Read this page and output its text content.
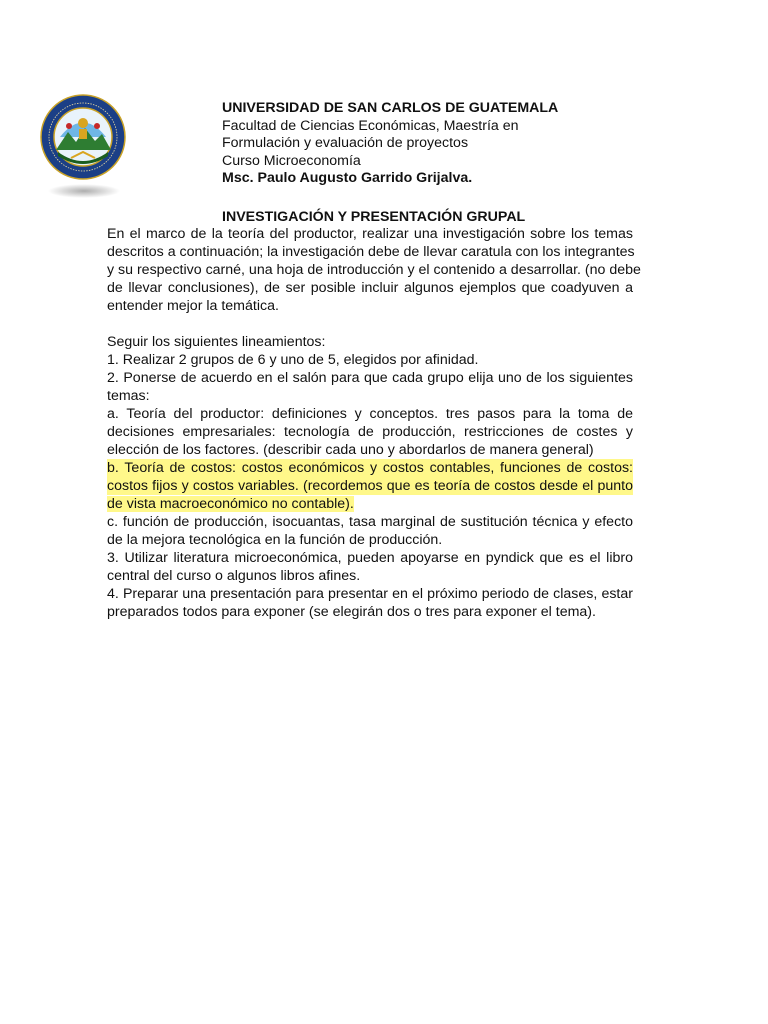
UNIVERSIDAD DE SAN CARLOS DE GUATEMALA
Facultad de Ciencias Económicas, Maestría en
Formulación y evaluación de proyectos
Curso Microeconomía
Msc. Paulo Augusto Garrido Grijalva.
INVESTIGACIÓN Y PRESENTACIÓN GRUPAL
En el marco de la teoría del productor, realizar una investigación sobre los temas
descritos a continuación; la investigación debe de llevar caratula con los integrantes
y su respectivo carné, una hoja de introducción y el contenido a desarrollar. (no debe
de llevar conclusiones), de ser posible incluir algunos ejemplos que coadyuven a
entender mejor la temática.
Seguir los siguientes lineamientos:
1. Realizar 2 grupos de 6 y uno de 5, elegidos por afinidad.
2. Ponerse de acuerdo en el salón para que cada grupo elija uno de los siguientes
temas:
a. Teoría del productor: definiciones y conceptos. tres pasos para la toma de
decisiones empresariales: tecnología de producción, restricciones de costes y
elección de los factores. (describir cada uno y abordarlos de manera general)
b. Teoría de costos: costos económicos y costos contables, funciones de costos:
costos fijos y costos variables. (recordemos que es teoría de costos desde el punto
de vista macroeconómico no contable).
c. función de producción, isocuantas, tasa marginal de sustitución técnica y efecto
de la mejora tecnológica en la función de producción.
3. Utilizar literatura microeconómica, pueden apoyarse en pyndick que es el libro
central del curso o algunos libros afines.
4. Preparar una presentación para presentar en el próximo periodo de clases, estar
preparados todos para exponer (se elegirán dos o tres para exponer el tema).
